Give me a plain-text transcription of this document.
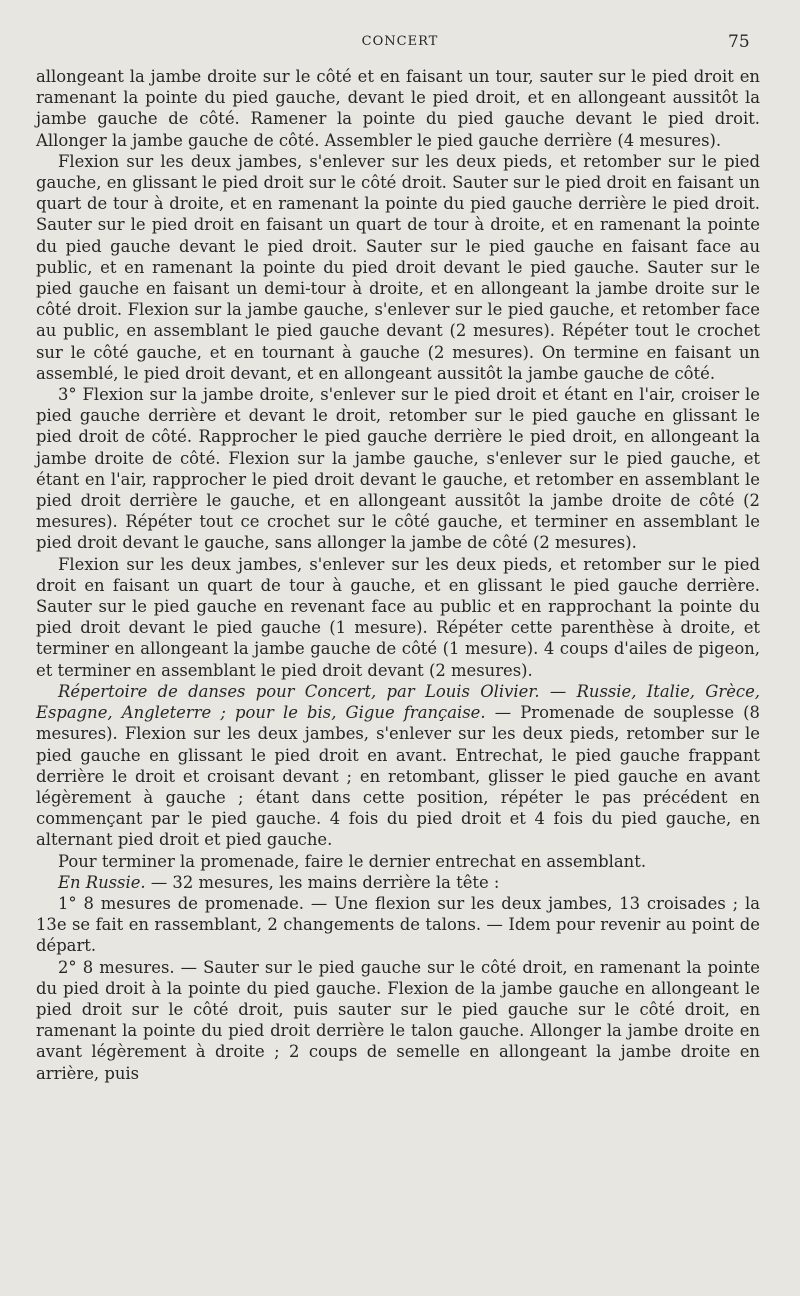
CONCERT	75

allongeant la jambe droite sur le côté et en faisant un tour, sauter sur le pied droit en ramenant la pointe du pied gauche, devant le pied droit, et en allongeant aussitôt la jambe gauche de côté. Ramener la pointe du pied gauche devant le pied droit. Allonger la jambe gauche de côté. Assembler le pied gauche derrière (4 mesures).

Flexion sur les deux jambes, s'enlever sur les deux pieds, et retomber sur le pied gauche, en glissant le pied droit sur le côté droit. Sauter sur le pied droit en faisant un quart de tour à droite, et en ramenant la pointe du pied gauche derrière le pied droit. Sauter sur le pied droit en faisant un quart de tour à droite, et en ramenant la pointe du pied gauche devant le pied droit. Sauter sur le pied gauche en faisant face au public, et en ramenant la pointe du pied droit devant le pied gauche. Sauter sur le pied gauche en faisant un demi-tour à droite, et en allongeant la jambe droite sur le côté droit. Flexion sur la jambe gauche, s'enlever sur le pied gauche, et retomber face au public, en assemblant le pied gauche devant (2 mesures). Répéter tout le crochet sur le côté gauche, et en tournant à gauche (2 mesures). On termine en faisant un assemblé, le pied droit devant, et en allongeant aussitôt la jambe gauche de côté.

3° Flexion sur la jambe droite, s'enlever sur le pied droit et étant en l'air, croiser le pied gauche derrière et devant le droit, retomber sur le pied gauche en glissant le pied droit de côté. Rapprocher le pied gauche derrière le pied droit, en allongeant la jambe droite de côté. Flexion sur la jambe gauche, s'enlever sur le pied gauche, et étant en l'air, rapprocher le pied droit devant le gauche, et retomber en assemblant le pied droit derrière le gauche, et en allongeant aussitôt la jambe droite de côté (2 mesures). Répéter tout ce crochet sur le côté gauche, et terminer en assemblant le pied droit devant le gauche, sans allonger la jambe de côté (2 mesures).

Flexion sur les deux jambes, s'enlever sur les deux pieds, et retomber sur le pied droit en faisant un quart de tour à gauche, et en glissant le pied gauche derrière. Sauter sur le pied gauche en revenant face au public et en rapprochant la pointe du pied droit devant le pied gauche (1 mesure). Répéter cette parenthèse à droite, et terminer en allongeant la jambe gauche de côté (1 mesure). 4 coups d'ailes de pigeon, et terminer en assemblant le pied droit devant (2 mesures).

Répertoire de danses pour Concert, par Louis Olivier. — Russie, Italie, Grèce, Espagne, Angleterre ; pour le bis, Gigue française. — Promenade de souplesse (8 mesures). Flexion sur les deux jambes, s'enlever sur les deux pieds, retomber sur le pied gauche en glissant le pied droit en avant. Entrechat, le pied gauche frappant derrière le droit et croisant devant ; en retombant, glisser le pied gauche en avant légèrement à gauche ; étant dans cette position, répéter le pas précédent en commençant par le pied gauche. 4 fois du pied droit et 4 fois du pied gauche, en alternant pied droit et pied gauche.

Pour terminer la promenade, faire le dernier entrechat en assemblant.

En Russie. — 32 mesures, les mains derrière la tête :

1° 8 mesures de promenade. — Une flexion sur les deux jambes, 13 croisades ; la 13e se fait en rassemblant, 2 changements de talons. — Idem pour revenir au point de départ.

2° 8 mesures. — Sauter sur le pied gauche sur le côté droit, en ramenant la pointe du pied droit à la pointe du pied gauche. Flexion de la jambe gauche en allongeant le pied droit sur le côté droit, puis sauter sur le pied gauche sur le côté droit, en ramenant la pointe du pied droit derrière le talon gauche. Allonger la jambe droite en avant légèrement à droite ; 2 coups de semelle en allongeant la jambe droite en arrière, puis
